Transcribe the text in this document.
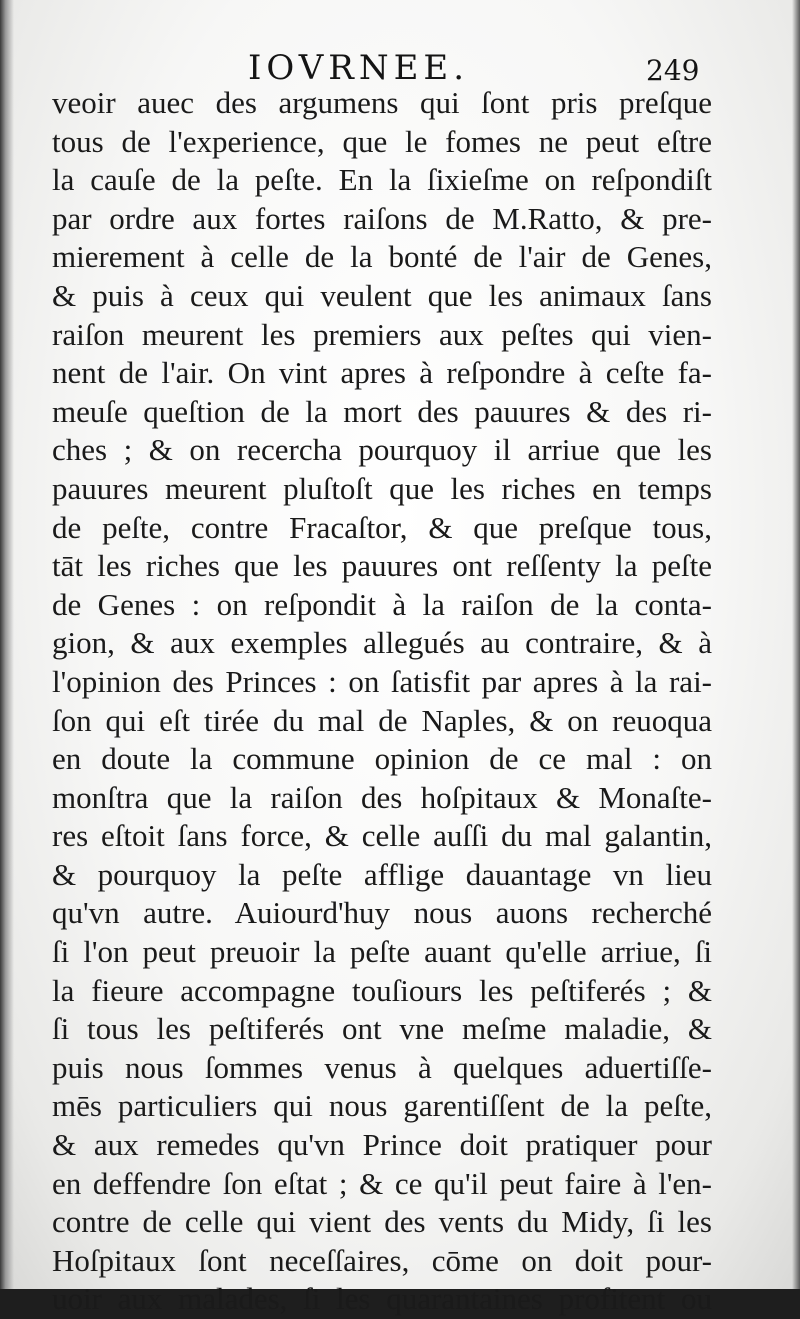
IOVRNEE.	249
veoir auec des argumens qui ſont pris preſque
tous de l'experience, que le fomes ne peut eſtre
la cauſe de la peſte. En la ſixieſme on reſpondiſt
par ordre aux fortes raiſons de M.Ratto, & pre-
mierement à celle de la bonté de l'air de Genes,
& puis à ceux qui veulent que les animaux ſans
raiſon meurent les premiers aux peſtes qui vien-
nent de l'air. On vint apres à reſpondre à ceſte fa-
meuſe queſtion de la mort des pauures & des ri-
ches ; & on recercha pourquoy il arriue que les
pauures meurent pluſtoſt que les riches en temps
de peſte, contre Fracaſtor, & que preſque tous,
tāt les riches que les pauures ont reſſenty la peſte
de Genes : on reſpondit à la raiſon de la conta-
gion, & aux exemples allegués au contraire, & à
l'opinion des Princes : on ſatisfit par apres à la rai-
ſon qui eſt tirée du mal de Naples, & on reuoqua
en doute la commune opinion de ce mal : on
monſtra que la raiſon des hoſpitaux & Monaſte-
res eſtoit ſans force, & celle auſſi du mal galantin,
& pourquoy la peſte afflige dauantage vn lieu
qu'vn autre. Auiourd'huy nous auons recherché
ſi l'on peut preuoir la peſte auant qu'elle arriue, ſi
la fieure accompagne touſiours les peſtiferés ; &
ſi tous les peſtiferés ont vne meſme maladie, &
puis nous ſommes venus à quelques aduertiſſe-
mēs particuliers qui nous garentiſſent de la peſte,
& aux remedes qu'vn Prince doit pratiquer pour
en deffendre ſon eſtat ; & ce qu'il peut faire à l'en-
contre de celle qui vient des vents du Midy, ſi les
Hoſpitaux ſont neceſſaires, cōme on doit pour-
uoir aux malades, ſi les quarantaines profitent ou
